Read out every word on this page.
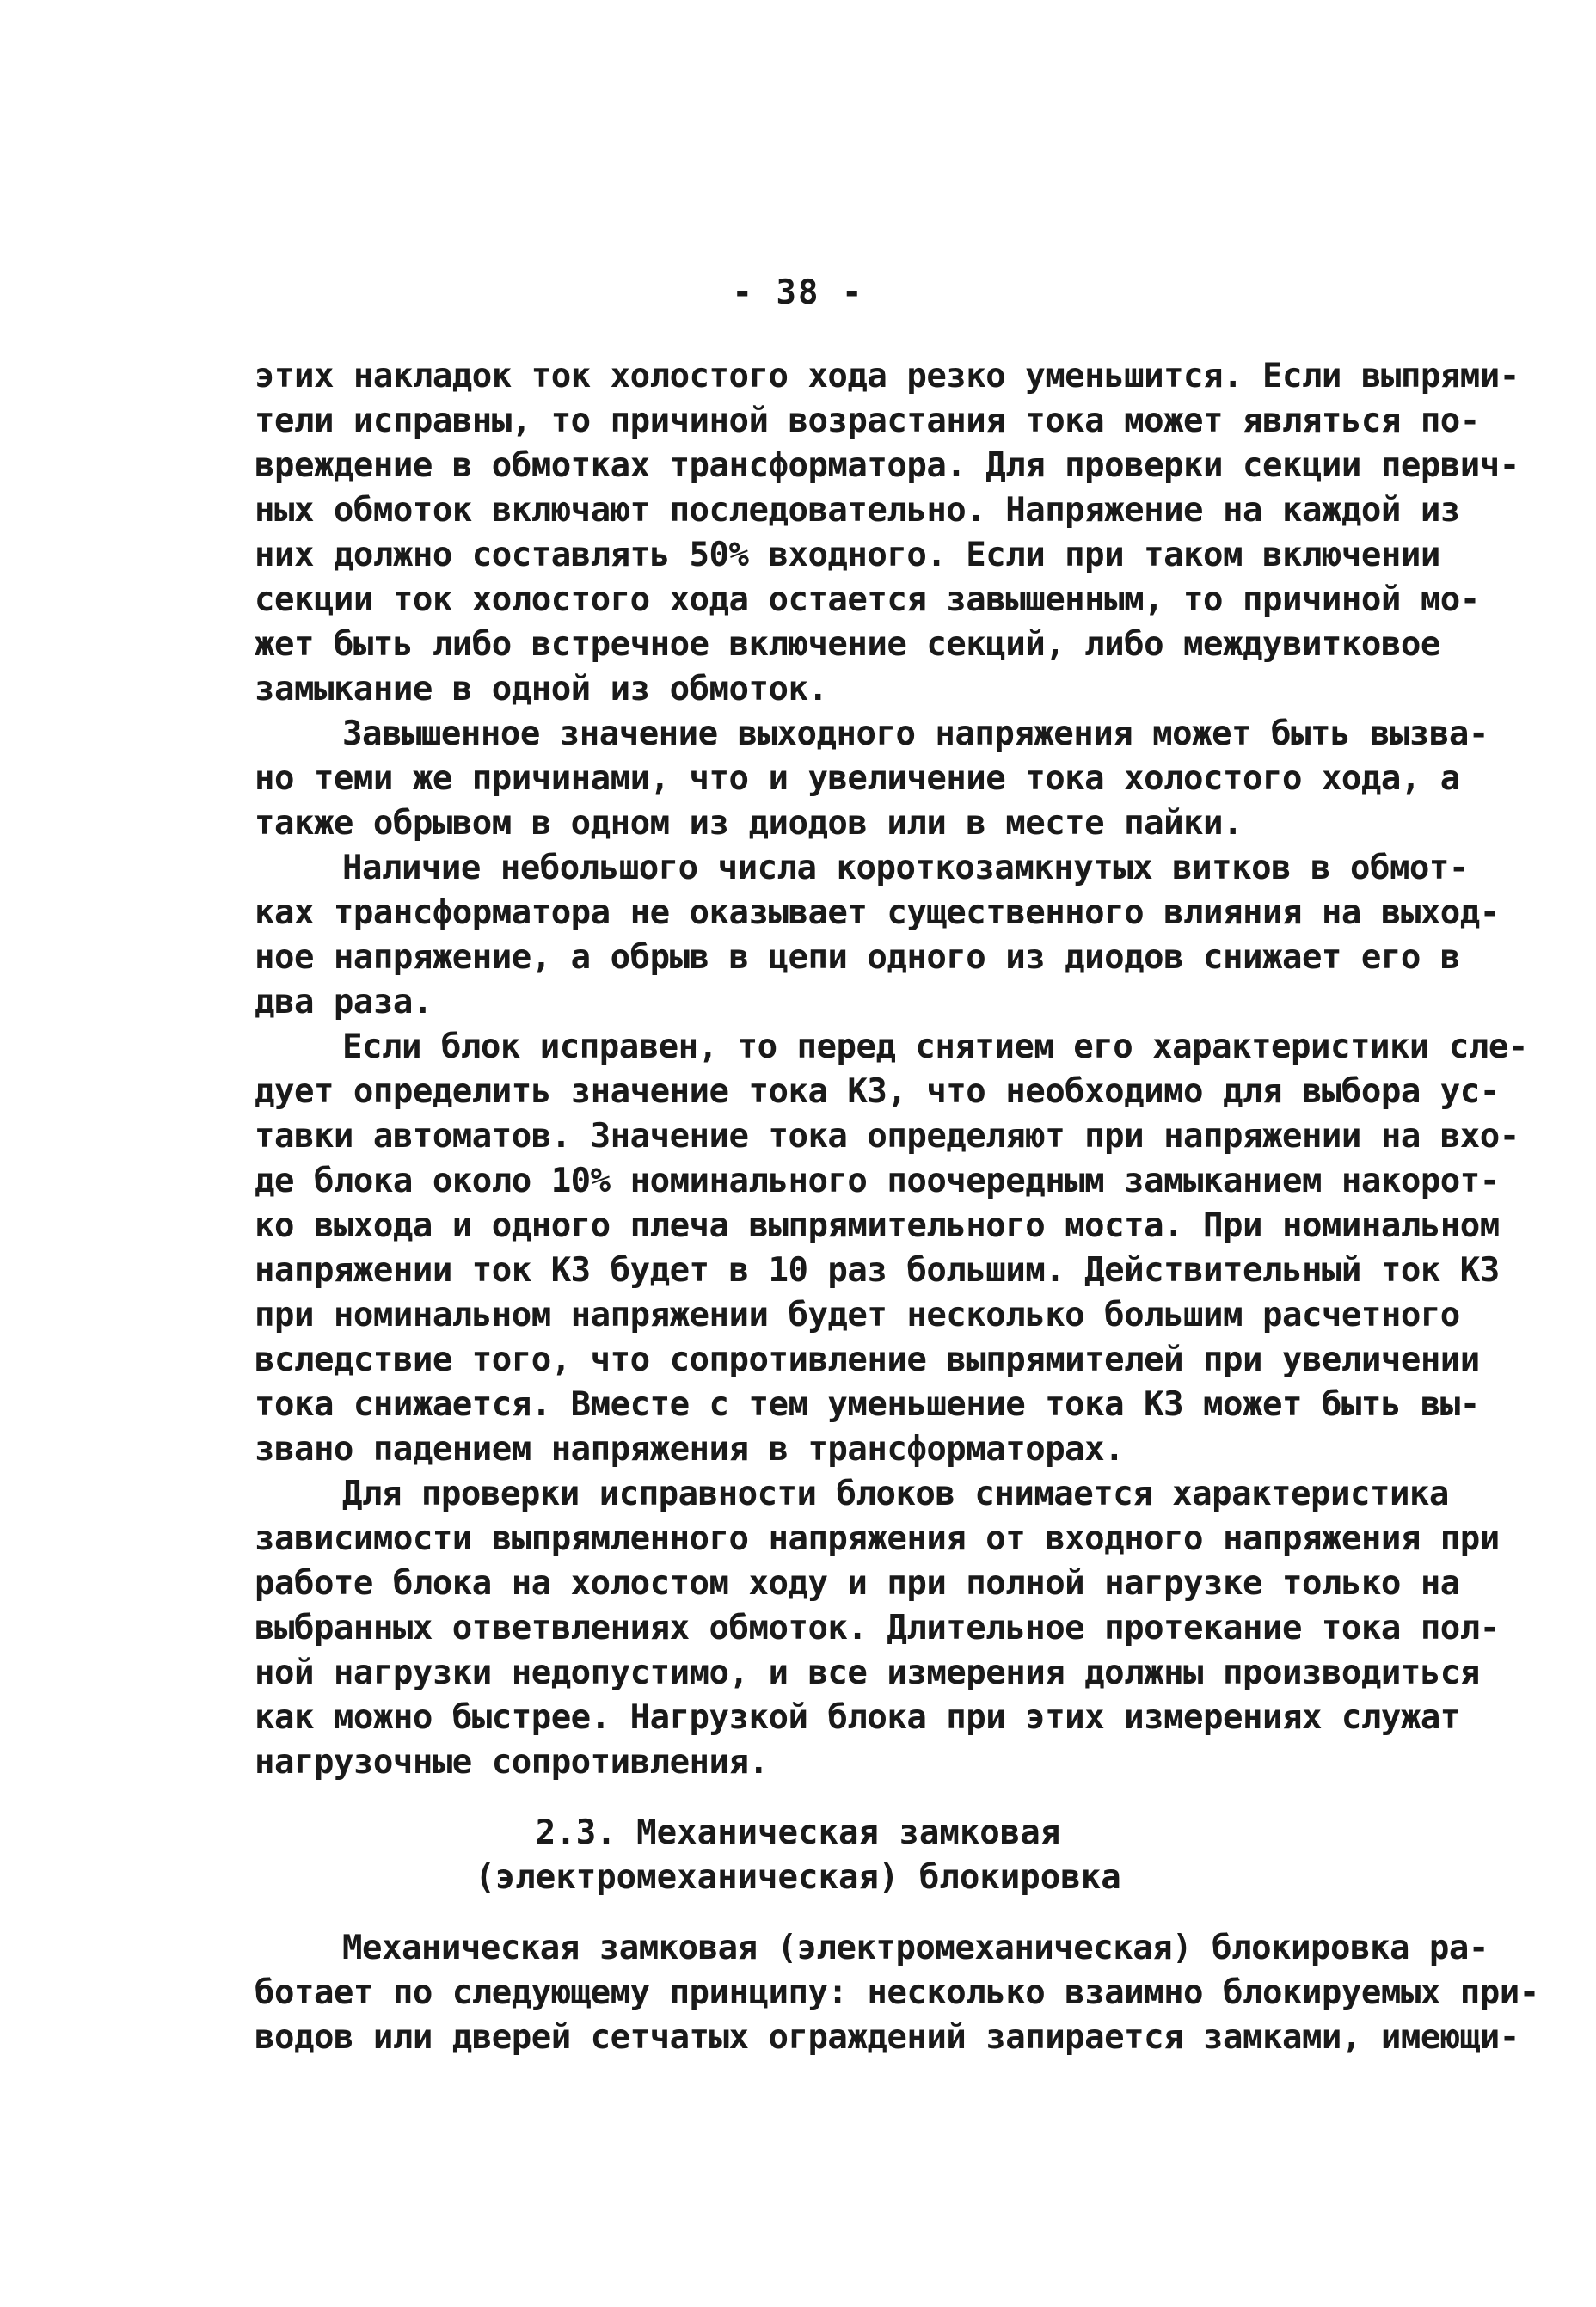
- 38 -
этих накладок ток холостого хода резко уменьшится. Если выпрями-
тели исправны, то причиной возрастания тока может являться по-
вреждение в обмотках трансформатора. Для проверки секции первич-
ных обмоток включают последовательно. Напряжение на каждой из
них должно составлять 50% входного. Если при таком включении
секции ток холостого хода остается завышенным, то причиной мо-
жет быть либо встречное включение секций, либо междувитковое
замыкание в одной из обмоток.
Завышенное значение выходного напряжения может быть вызва-
но теми же причинами, что и увеличение тока холостого хода, а
также обрывом в одном из диодов или в месте пайки.
Наличие небольшого числа короткозамкнутых витков в обмот-
ках трансформатора не оказывает существенного влияния на выход-
ное напряжение, а обрыв в цепи одного из диодов снижает его в
два раза.
Если блок исправен, то перед снятием его характеристики сле-
дует определить значение тока КЗ, что необходимо для выбора ус-
тавки автоматов. Значение тока определяют при напряжении на вхо-
де блока около 10% номинального поочередным замыканием накорот-
ко выхода и одного плеча выпрямительного моста. При номинальном
напряжении ток КЗ будет в 10 раз большим. Действительный ток КЗ
при номинальном напряжении будет несколько большим расчетного
вследствие того, что сопротивление выпрямителей при увеличении
тока снижается. Вместе с тем уменьшение тока КЗ может быть вы-
звано падением напряжения в трансформаторах.
Для проверки исправности блоков снимается характеристика
зависимости выпрямленного напряжения от входного напряжения при
работе блока на холостом ходу и при полной нагрузке только на
выбранных ответвлениях обмоток. Длительное протекание тока пол-
ной нагрузки недопустимо, и все измерения должны производиться
как можно быстрее. Нагрузкой блока при этих измерениях служат
нагрузочные сопротивления.
2.3. Механическая замковая
(электромеханическая) блокировка
Механическая замковая (электромеханическая) блокировка ра-
ботает по следующему принципу: несколько взаимно блокируемых при-
водов или дверей сетчатых ограждений запирается замками, имеющи-
